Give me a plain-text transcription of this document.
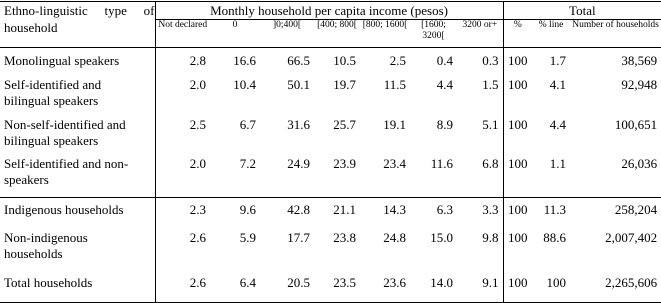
Ethno-linguistic type of household	Monthly household per capita income (pesos)							Total		
	Not declared	0	]0;400[	[400; 800[	[800; 1600[	[1600; 3200[	3200 or+	%	% line	Number of households
Monolingual speakers	2.8	16.6	66.5	10.5	2.5	0.4	0.3	100	1.7	38,569
Self-identified and bilingual speakers	2.0	10.4	50.1	19.7	11.5	4.4	1.5	100	4.1	92,948
Non-self-identified and bilingual speakers	2.5	6.7	31.6	25.7	19.1	8.9	5.1	100	4.4	100,651
Self-identified and non-speakers	2.0	7.2	24.9	23.9	23.4	11.6	6.8	100	1.1	26,036
Indigenous households	2.3	9.6	42.8	21.1	14.3	6.3	3.3	100	11.3	258,204
Non-indigenous households	2.6	5.9	17.7	23.8	24.8	15.0	9.8	100	88.6	2,007,402
Total households	2.6	6.4	20.5	23.5	23.6	14.0	9.1	100	100	2,265,606
